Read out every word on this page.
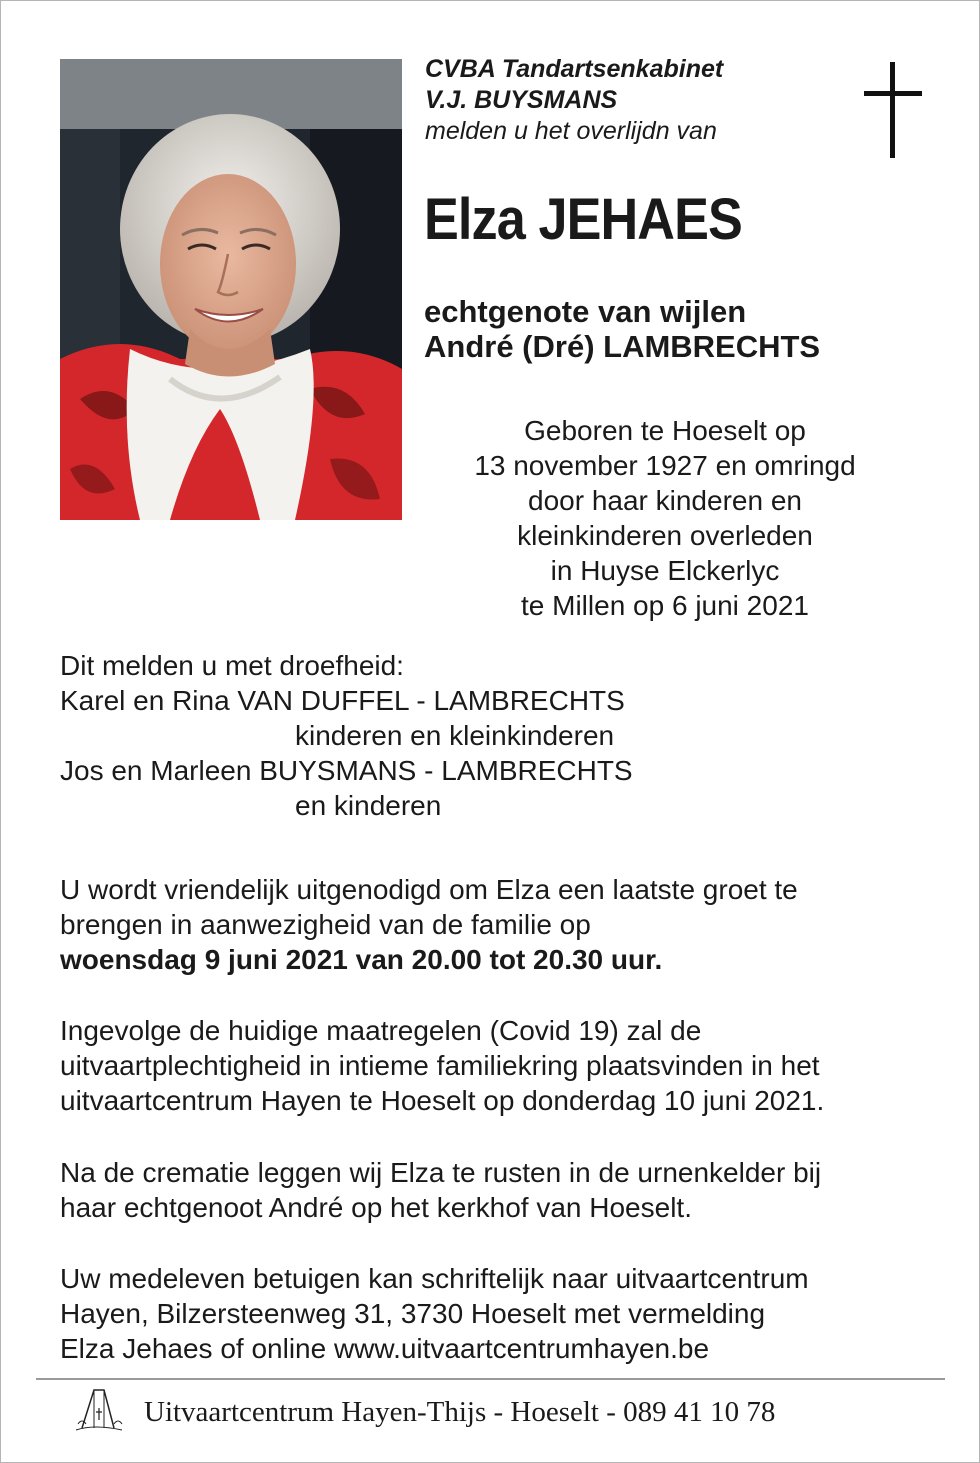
CVBA Tandartsenkabinet
V.J. BUYSMANS
melden u het overlijdn van
Elza JEHAES
echtgenote van wijlen
André (Dré) LAMBRECHTS
Geboren te Hoeselt op
13 november 1927 en omringd
door haar kinderen en
kleinkinderen overleden
in Huyse Elckerlyc
te Millen op 6 juni 2021
Dit melden u met droefheid:
Karel en Rina VAN DUFFEL - LAMBRECHTS
kinderen en kleinkinderen
Jos en Marleen BUYSMANS - LAMBRECHTS
en kinderen
U wordt vriendelijk uitgenodigd om Elza een laatste groet te
brengen in aanwezigheid van de familie op
woensdag 9 juni 2021 van 20.00 tot 20.30 uur.
Ingevolge de huidige maatregelen (Covid 19) zal de
uitvaartplechtigheid in intieme familiekring plaatsvinden in het
uitvaartcentrum Hayen te Hoeselt op donderdag 10 juni 2021.
Na de crematie leggen wij Elza te rusten in de urnenkelder bij
haar echtgenoot André op het kerkhof van Hoeselt.
Uw medeleven betuigen kan schriftelijk naar uitvaartcentrum
Hayen, Bilzersteenweg 31, 3730 Hoeselt met vermelding
Elza Jehaes of online www.uitvaartcentrumhayen.be
Uitvaartcentrum Hayen-Thijs - Hoeselt - 089 41 10 78
